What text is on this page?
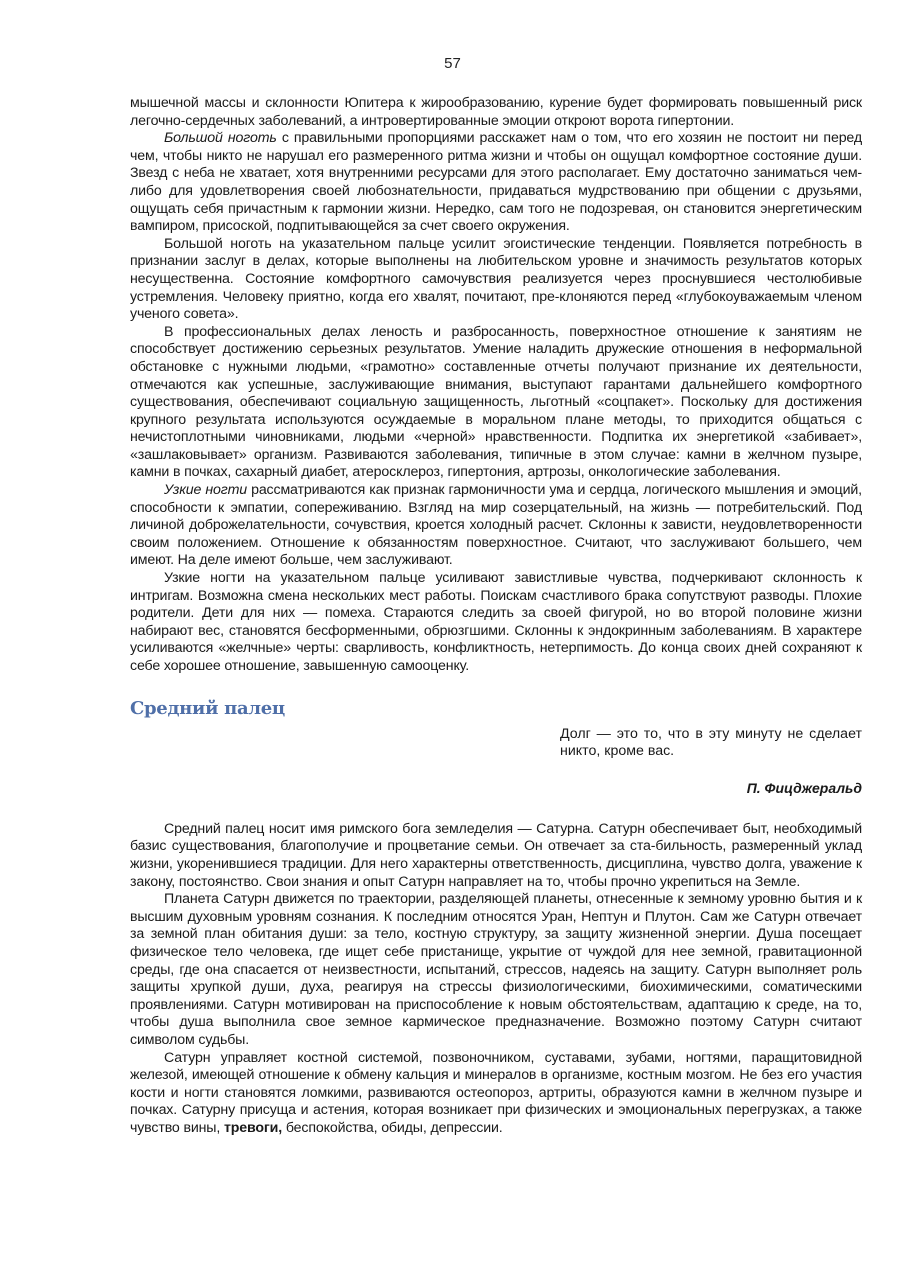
57

мышечной массы и склонности Юпитера к жирообразованию, курение будет формировать повышенный риск легочно-сердечных заболеваний, а интровертированные эмоции откроют ворота гипертонии.

Большой ноготь с правильными пропорциями расскажет нам о том, что его хозяин не постоит ни перед чем, чтобы никто не нарушал его размеренного ритма жизни и чтобы он ощущал комфортное состояние души. Звезд с неба не хватает, хотя внутренними ресурсами для этого располагает. Ему достаточно заниматься чем-либо для удовлетворения своей любознательности, придаваться мудрствованию при общении с друзьями, ощущать себя причастным к гармонии жизни. Нередко, сам того не подозревая, он становится энергетическим вампиром, присоской, подпитывающейся за счет своего окружения.

Большой ноготь на указательном пальце усилит эгоистические тенденции. Появляется потребность в признании заслуг в делах, которые выполнены на любительском уровне и значимость результатов которых несущественна. Состояние комфортного самочувствия реализуется через проснувшиеся честолюбивые устремления. Человеку приятно, когда его хвалят, почитают, пре-клоняются перед «глубокоуважаемым членом ученого совета».

В профессиональных делах леность и разбросанность, поверхностное отношение к занятиям не способствует достижению серьезных результатов. Умение наладить дружеские отношения в неформальной обстановке с нужными людьми, «грамотно» составленные отчеты получают признание их деятельности, отмечаются как успешные, заслуживающие внимания, выступают гарантами дальнейшего комфортного существования, обеспечивают социальную защищенность, льготный «соцпакет». Поскольку для достижения крупного результата используются осуждаемые в моральном плане методы, то приходится общаться с нечистоплотными чиновниками, людьми «черной» нравственности. Подпитка их энергетикой «забивает», «зашлаковывает» организм. Развиваются заболевания, типичные в этом случае: камни в желчном пузыре, камни в почках, сахарный диабет, атеросклероз, гипертония, артрозы, онкологические заболевания.

Узкие ногти рассматриваются как признак гармоничности ума и сердца, логического мышления и эмоций, способности к эмпатии, сопереживанию. Взгляд на мир созерцательный, на жизнь — потребительский. Под личиной доброжелательности, сочувствия, кроется холодный расчет. Склонны к зависти, неудовлетворенности своим положением. Отношение к обязанностям поверхностное. Считают, что заслуживают большего, чем имеют. На деле имеют больше, чем заслуживают.

Узкие ногти на указательном пальце усиливают завистливые чувства, подчеркивают склонность к интригам. Возможна смена нескольких мест работы. Поискам счастливого брака сопутствуют разводы. Плохие родители. Дети для них — помеха. Стараются следить за своей фигурой, но во второй половине жизни набирают вес, становятся бесформенными, обрюзгшими. Склонны к эндокринным заболеваниям. В характере усиливаются «желчные» черты: сварливость, конфликтность, нетерпимость. До конца своих дней сохраняют к себе хорошее отношение, завышенную самооценку.

Средний палец
Долг — это то, что в эту минуту не сделает никто, кроме вас.
П. Фицджеральд

Средний палец носит имя римского бога земледелия — Сатурна. Сатурн обеспечивает быт, необходимый базис существования, благополучие и процветание семьи. Он отвечает за ста-бильность, размеренный уклад жизни, укоренившиеся традиции. Для него характерны ответственность, дисциплина, чувство долга, уважение к закону, постоянство. Свои знания и опыт Сатурн направляет на то, чтобы прочно укрепиться на Земле.

Планета Сатурн движется по траектории, разделяющей планеты, отнесенные к земному уровню бытия и к высшим духовным уровням сознания. К последним относятся Уран, Нептун и Плутон. Сам же Сатурн отвечает за земной план обитания души: за тело, костную структуру, за защиту жизненной энергии. Душа посещает физическое тело человека, где ищет себе пристанище, укрытие от чуждой для нее земной, гравитационной среды, где она спасается от неизвестности, испытаний, стрессов, надеясь на защиту. Сатурн выполняет роль защиты хрупкой души, духа, реагируя на стрессы физиологическими, биохимическими, соматическими проявлениями. Сатурн мотивирован на приспособление к новым обстоятельствам, адаптацию к среде, на то, чтобы душа выполнила свое земное кармическое предназначение. Возможно поэтому Сатурн считают символом судьбы.

Сатурн управляет костной системой, позвоночником, суставами, зубами, ногтями, паращитовидной железой, имеющей отношение к обмену кальция и минералов в организме, костным мозгом. Не без его участия кости и ногти становятся ломкими, развиваются остеопороз, артриты, образуются камни в желчном пузыре и почках. Сатурну присуща и астения, которая возникает при физических и эмоциональных перегрузках, а также чувство вины, тревоги, беспокойства, обиды, депрессии.
